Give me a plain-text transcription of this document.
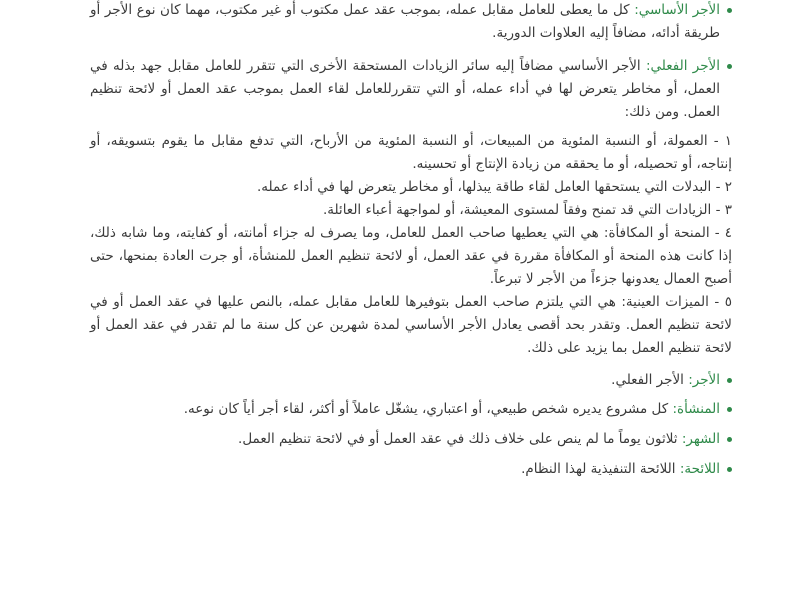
الأجر الأساسي: كل ما يعطى للعامل مقابل عمله، بموجب عقد عمل مكتوب أو غير مكتوب، مهما كان نوع الأجر أو طريقة أدائه، مضافاً إليه العلاوات الدورية.

الأجر الفعلي: الأجر الأساسي مضافاً إليه سائر الزيادات المستحقة الأخرى التي تتقرر للعامل مقابل جهد بذله في العمل، أو مخاطر يتعرض لها في أداء عمله، أو التي تتقررللعامل لقاء العمل بموجب عقد العمل أو لائحة تنظيم العمل. ومن ذلك:

١ - العمولة، أو النسبة المئوية من المبيعات، أو النسبة المئوية من الأرباح، التي تدفع مقابل ما يقوم بتسويقه، أو إنتاجه، أو تحصيله، أو ما يحققه من زيادة الإنتاج أو تحسينه.

٢ - البدلات التي يستحقها العامل لقاء طاقة يبذلها، أو مخاطر يتعرض لها في أداء عمله.

٣ - الزيادات التي قد تمنح وفقاً لمستوى المعيشة، أو لمواجهة أعباء العائلة.

٤ - المنحة أو المكافأة: هي التي يعطيها صاحب العمل للعامل، وما يصرف له جزاء أمانته، أو كفايته، وما شابه ذلك، إذا كانت هذه المنحة أو المكافأة مقررة في عقد العمل، أو لائحة تنظيم العمل للمنشأة، أو جرت العادة بمنحها، حتى أصبح العمال يعدونها جزءاً من الأجر لا تبرعاً.

٥ - الميزات العينية: هي التي يلتزم صاحب العمل بتوفيرها للعامل مقابل عمله، بالنص عليها في عقد العمل أو في لائحة تنظيم العمل. وتقدر بحد أقصى يعادل الأجر الأساسي لمدة شهرين عن كل سنة ما لم تقدر في عقد العمل أو لائحة تنظيم العمل بما يزيد على ذلك.

الأجر: الأجر الفعلي.

المنشأة: كل مشروع يديره شخص طبيعي، أو اعتباري، يشغّل عاملاً أو أكثر، لقاء أجر أياً كان نوعه.

الشهر: ثلاثون يوماً ما لم ينص على خلاف ذلك في عقد العمل أو في لائحة تنظيم العمل.

اللائحة: اللائحة التنفيذية لهذا النظام.
